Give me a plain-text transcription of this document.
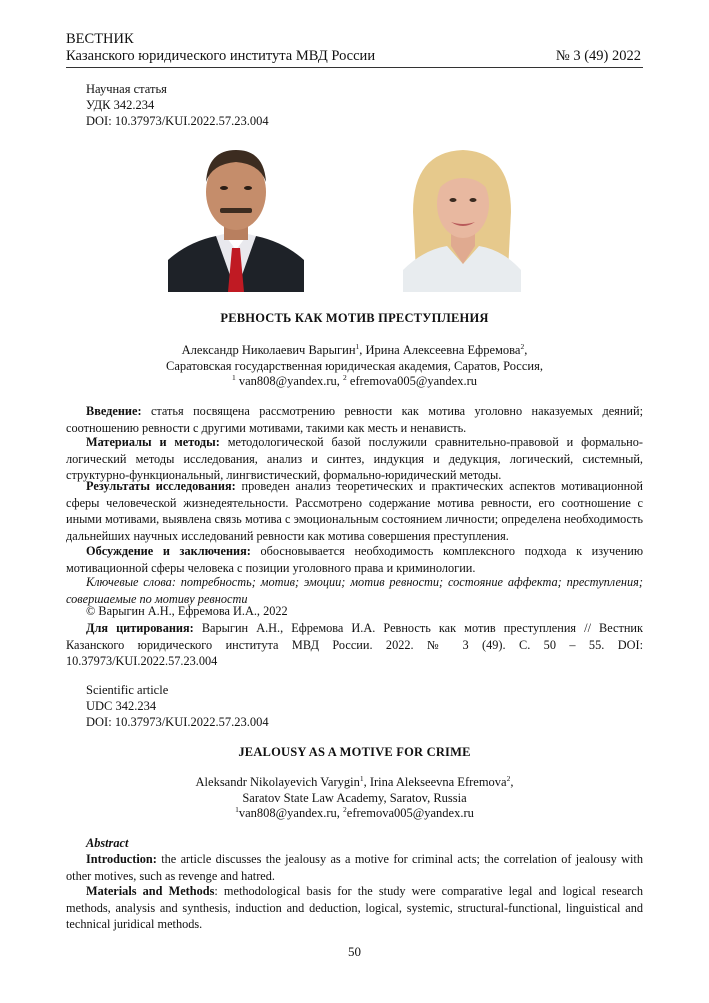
ВЕСТНИК
Казанского юридического института МВД России	№ 3 (49) 2022
Научная статья
УДК 342.234
DOI: 10.37973/KUI.2022.57.23.004
РЕВНОСТЬ КАК МОТИВ ПРЕСТУПЛЕНИЯ
Александр Николаевич Варыгин$^1$, Ирина Алексеевна Ефремова$^2$,
Саратовская государственная юридическая академия, Саратов, Россия,
$^1$ van808@yandex.ru, $^2$ efremova005@yandex.ru
Введение: статья посвящена рассмотрению ревности как мотива уголовно наказуемых деяний; соотношению ревности с другими мотивами, такими как месть и ненависть.
Материалы и методы: методологической базой послужили сравнительно-правовой и формально-логический методы исследования, анализ и синтез, индукция и дедукция, логический, системный, структурно-функциональный, лингвистический, формально-юридический методы.
Результаты исследования: проведен анализ теоретических и практических аспектов мотивационной сферы человеческой жизнедеятельности. Рассмотрено содержание мотива ревности, его соотношение с иными мотивами, выявлена связь мотива с эмоциональным состоянием личности; определена необходимость дальнейших научных исследований ревности как мотива совершения преступления.
Обсуждение и заключения: обосновывается необходимость комплексного подхода к изучению мотивационной сферы человека с позиции уголовного права и криминологии.
Ключевые слова: потребность; мотив; эмоции; мотив ревности; состояние аффекта; преступления; совершаемые по мотиву ревности
© Варыгин А.Н., Ефремова И.А., 2022
Для цитирования: Варыгин А.Н., Ефремова И.А. Ревность как мотив преступления // Вестник Казанского юридического института МВД России. 2022. № 3 (49). С. 50 – 55. DOI: 10.37973/KUI.2022.57.23.004
Scientific article
UDC 342.234
DOI: 10.37973/KUI.2022.57.23.004
JEALOUSY AS A MOTIVE FOR CRIME
Aleksandr Nikolayevich Varygin$^1$, Irina Alekseevna Efremova$^2$,
Saratov State Law Academy, Saratov, Russia
$^1$van808@yandex.ru, $^2$efremova005@yandex.ru
Abstract
Introduction: the article discusses the jealousy as a motive for criminal acts; the correlation of jealousy with other motives, such as revenge and hatred.
Materials and Methods: methodological basis for the study were comparative legal and logical research methods, analysis and synthesis, induction and deduction, logical, systemic, structural-functional, linguistical and technical juridical methods.
50
